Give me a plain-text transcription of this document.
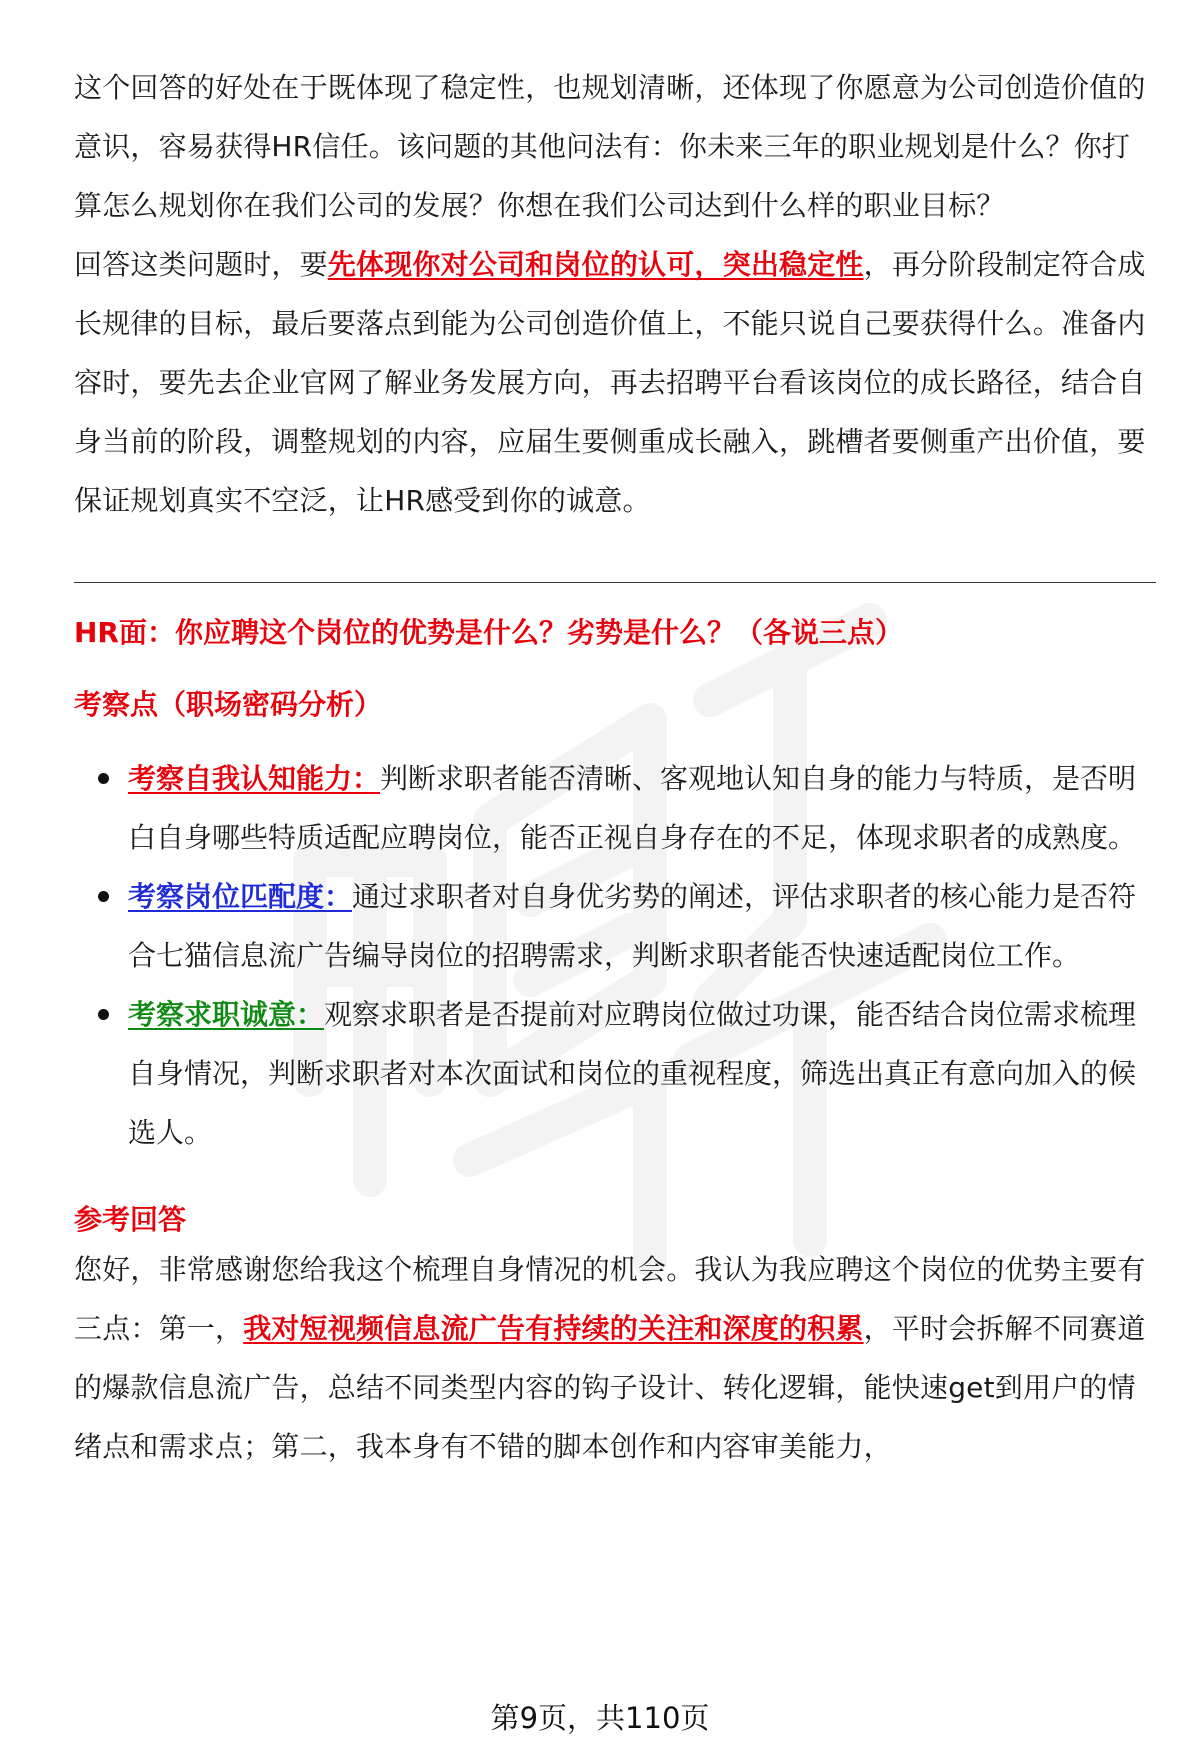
这个回答的好处在于既体现了稳定性，也规划清晰，还体现了你愿意为公司创造价值的意识，容易获得HR信任。该问题的其他问法有：你未来三年的职业规划是什么？你打算怎么规划你在我们公司的发展？你想在我们公司达到什么样的职业目标？

回答这类问题时，要先体现你对公司和岗位的认可，突出稳定性，再分阶段制定符合成长规律的目标，最后要落点到能为公司创造价值上，不能只说自己要获得什么。准备内容时，要先去企业官网了解业务发展方向，再去招聘平台看该岗位的成长路径，结合自身当前的阶段，调整规划的内容，应届生要侧重成长融入，跳槽者要侧重产出价值，要保证规划真实不空泛，让HR感受到你的诚意。

HR面：你应聘这个岗位的优势是什么？劣势是什么？（各说三点）

考察点（职场密码分析）

考察自我认知能力：判断求职者能否清晰、客观地认知自身的能力与特质，是否明白自身哪些特质适配应聘岗位，能否正视自身存在的不足，体现求职者的成熟度。
考察岗位匹配度：通过求职者对自身优劣势的阐述，评估求职者的核心能力是否符合七猫信息流广告编导岗位的招聘需求，判断求职者能否快速适配岗位工作。
考察求职诚意：观察求职者是否提前对应聘岗位做过功课，能否结合岗位需求梳理自身情况，判断求职者对本次面试和岗位的重视程度，筛选出真正有意向加入的候选人。

参考回答

您好，非常感谢您给我这个梳理自身情况的机会。我认为我应聘这个岗位的优势主要有三点：第一，我对短视频信息流广告有持续的关注和深度的积累，平时会拆解不同赛道的爆款信息流广告，总结不同类型内容的钩子设计、转化逻辑，能快速get到用户的情绪点和需求点；第二，我本身有不错的脚本创作和内容审美能力，

第9页，共110页
